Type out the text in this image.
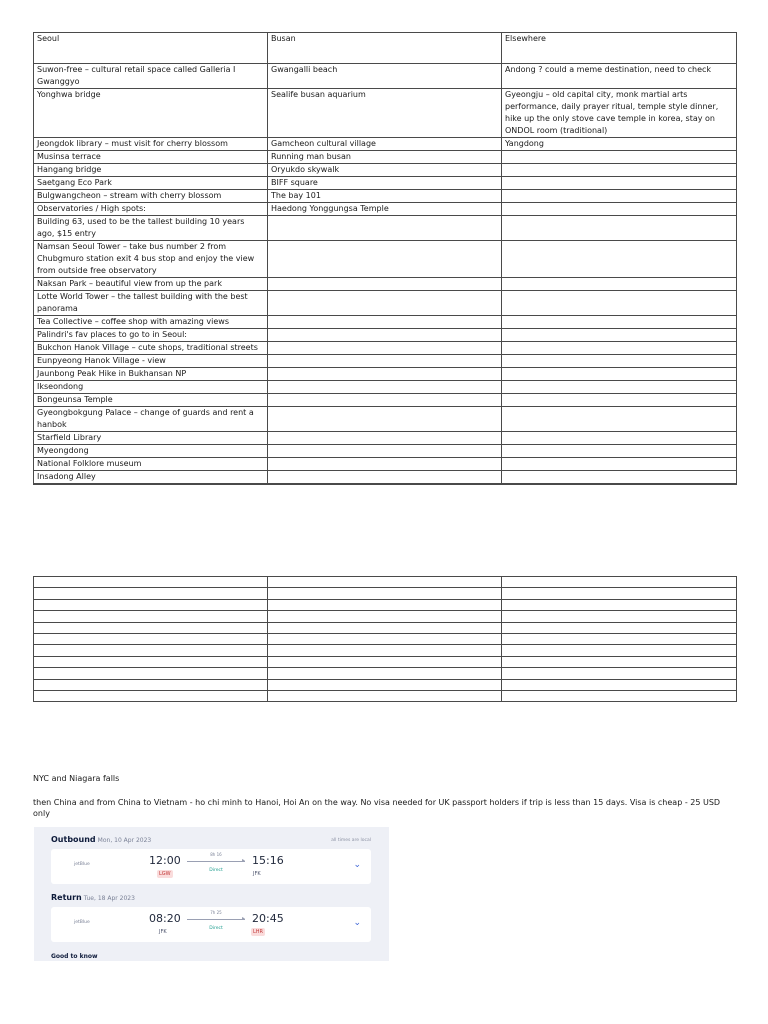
Seoul	Busan	Elsewhere
Suwon-free – cultural retail space called Galleria I Gwanggyo	Gwangalli beach	Andong ? could a meme destination, need to check
Yonghwa bridge	Sealife busan aquarium	Gyeongju – old capital city, monk martial arts performance, daily prayer ritual, temple style dinner, hike up the only stove cave temple in korea, stay on ONDOL room (traditional)
Jeongdok library – must visit for cherry blossom	Gamcheon cultural village	Yangdong
Musinsa terrace	Running man busan	
Hangang bridge	Oryukdo skywalk	
Saetgang Eco Park	BIFF square	
Bulgwangcheon – stream with cherry blossom	The bay 101	
Observatories / High spots:	Haedong Yonggungsa Temple	
Building 63, used to be the tallest building 10 years ago, $15 entry		
Namsan Seoul Tower – take bus number 2 from Chubgmuro station exit 4 bus stop and enjoy the view from outside free observatory		
Naksan Park – beautiful view from up the park		
Lotte World Tower – the tallest building with the best panorama		
Tea Collective – coffee shop with amazing views		
Palindri's fav places to go to in Seoul:		
Bukchon Hanok Village – cute shops, traditional streets		
Eunpyeong Hanok Village - view		
Jaunbong Peak Hike in Bukhansan NP		
Ikseondong		
Bongeunsa Temple		
Gyeongbokgung Palace – change of guards and rent a hanbok		
Starfield Library		
Myeongdong		
National Folklore museum		
Insadong Alley		

NYC and Niagara falls
then China and from China to Vietnam - ho chi minh to Hanoi, Hoi An on the way. No visa needed for UK passport holders if trip is less than 15 days. Visa is cheap - 25 USD only
Outbound Mon, 10 Apr 2023	all times are local
jetBlue	12:00
LGW
8h 16
▸
Direct
15:16
JFK
⌄
Return Tue, 18 Apr 2023
jetBlue	08:20
JFK
7h 25
▸
Direct
20:45
LHR
⌄
Good to know
